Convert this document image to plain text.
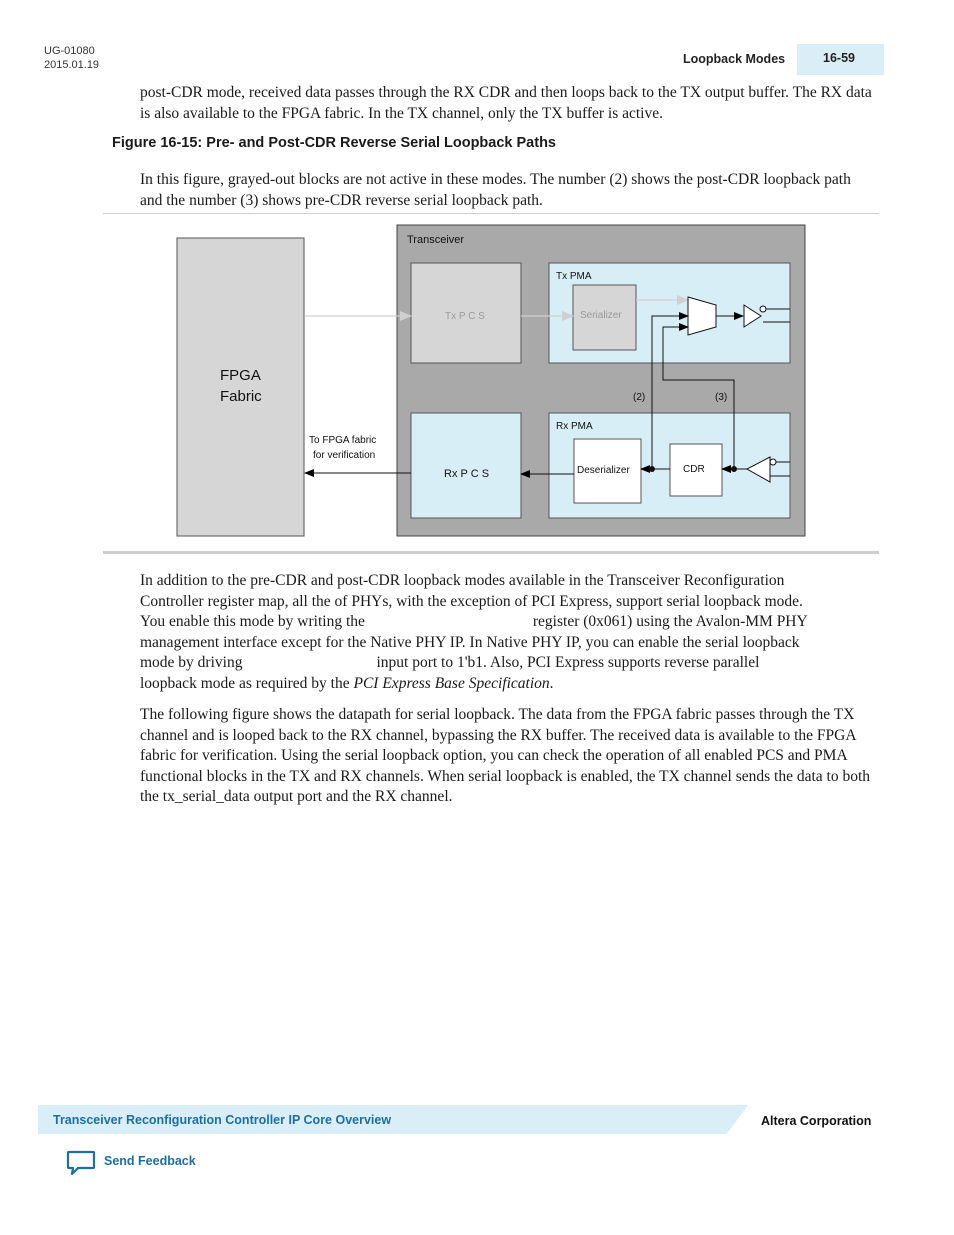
UG-01080
2015.01.19	Loopback Modes	16-59

post-CDR mode, received data passes through the RX CDR and then loops back to the TX output buffer. The RX data is also available to the FPGA fabric. In the TX channel, only the TX buffer is active.

Figure 16-15: Pre- and Post-CDR Reverse Serial Loopback Paths

In this figure, grayed-out blocks are not active in these modes. The number (2) shows the post-CDR loopback path and the number (3) shows pre-CDR reverse serial loopback path.

FPGA
Fabric
Transceiver
Tx P C S
Tx PMA
Serializer
Rx P C S
Rx PMA
Deserializer	CDR
(2)	(3)
To FPGA fabric
for verification
In addition to the pre-CDR and post-CDR loopback modes available in the Transceiver Reconfiguration
Controller register map, all the of PHYs, with the exception of PCI Express, support serial loopback mode.
You enable this mode by writing the	register (0x061) using the Avalon-MM PHY
management interface except for the Native PHY IP. In Native PHY IP, you can enable the serial loopback
mode by driving	input port to 1'b1. Also, PCI Express supports reverse parallel
loopback mode as required by the PCI Express Base Specification.

The following figure shows the datapath for serial loopback. The data from the FPGA fabric passes through the TX channel and is looped back to the RX channel, bypassing the RX buffer. The received data is available to the FPGA fabric for verification. Using the serial loopback option, you can check the operation of all enabled PCS and PMA functional blocks in the TX and RX channels. When serial loopback is enabled, the TX channel sends the data to both the tx_serial_data output port and the RX channel.

Transceiver Reconfiguration Controller IP Core Overview	Altera Corporation
Send Feedback
